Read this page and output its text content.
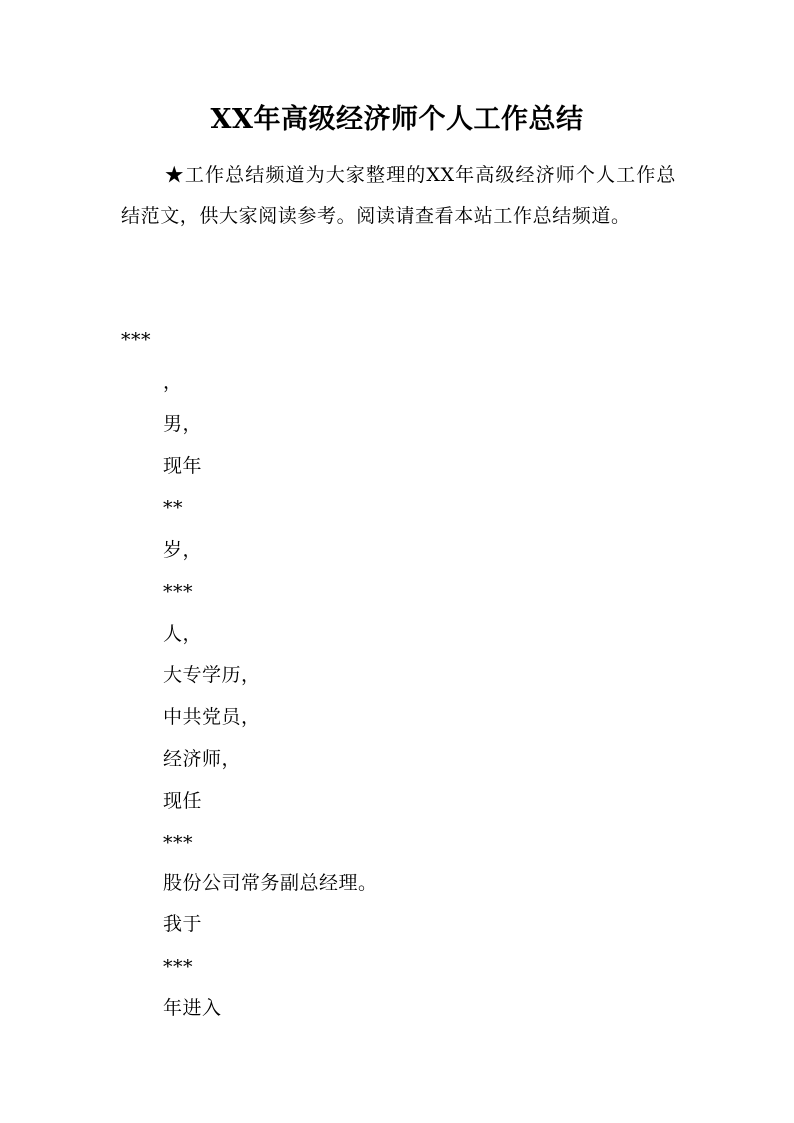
XX年高级经济师个人工作总结
★工作总结频道为大家整理的XX年高级经济师个人工作总结范文，供大家阅读参考。阅读请查看本站工作总结频道。
***
，
男，
现年
**
岁，
***
人，
大专学历，
中共党员，
经济师，
现任
***
股份公司常务副总经理。
我于
***
年进入
